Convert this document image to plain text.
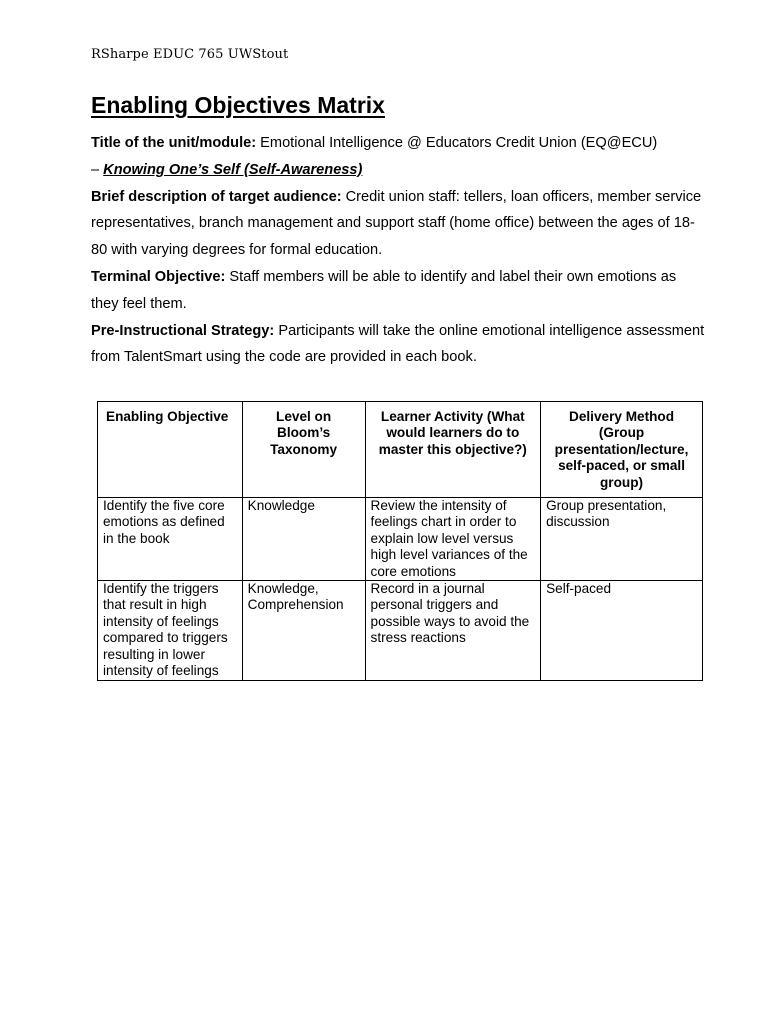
RSharpe EDUC 765 UWStout
Enabling Objectives Matrix

Title of the unit/module: Emotional Intelligence @ Educators Credit Union (EQ@ECU)

– Knowing One’s Self (Self-Awareness)

Brief description of target audience: Credit union staff: tellers, loan officers, member service representatives, branch management and support staff (home office) between the ages of 18-80 with varying degrees for formal education.

Terminal Objective: Staff members will be able to identify and label their own emotions as they feel them.

Pre-Instructional Strategy: Participants will take the online emotional intelligence assessment from TalentSmart using the code are provided in each book.

Enabling Objective	Level on Bloom’s Taxonomy	Learner Activity (What would learners do to master this objective?)	Delivery Method (Group presentation/lecture, self-paced, or small group)
Identify the five core emotions as defined in the book	Knowledge	Review the intensity of feelings chart in order to explain low level versus high level variances of the core emotions	Group presentation, discussion
Identify the triggers that result in high intensity of feelings compared to triggers resulting in lower intensity of feelings	Knowledge, Comprehension	Record in a journal personal triggers and possible ways to avoid the stress reactions	Self-paced
